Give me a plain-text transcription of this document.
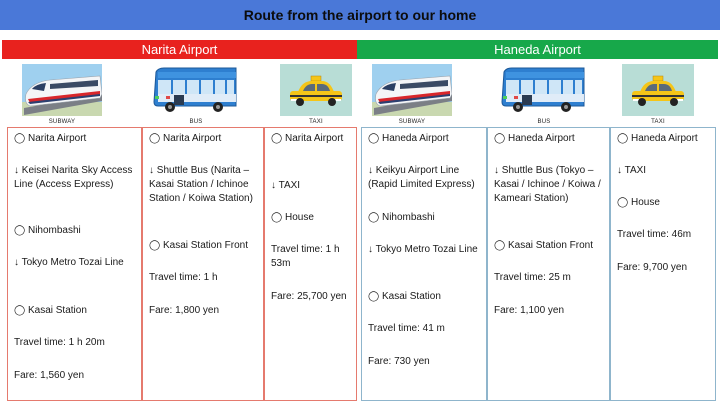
Route from the airport to our home
Narita Airport	Haneda Airport
SUBWAY	BUS	TAXI	SUBWAY	BUS	TAXI
◯ Narita Airport
↓ Keisei Narita Sky Access Line (Access Express)
◯ Nihombashi
↓ Tokyo Metro Tozai Line
◯ Kasai Station
Travel time: 1 h 20m
Fare: 1,560 yen
◯ Narita Airport
↓ Shuttle Bus (Narita – Kasai Station / Ichinoe Station / Koiwa Station)
◯ Kasai Station Front
Travel time: 1 h
Fare: 1,800 yen
◯ Narita Airport
↓ TAXI
◯ House
Travel time: 1 h 53m
Fare: 25,700 yen
◯ Haneda Airport
↓ Keikyu Airport Line (Rapid Limited Express)
◯ Nihombashi
↓ Tokyo Metro Tozai Line
◯ Kasai Station
Travel time: 41 m
Fare: 730 yen
◯ Haneda Airport
↓ Shuttle Bus (Tokyo – Kasai / Ichinoe / Koiwa / Kameari Station)
◯ Kasai Station Front
Travel time: 25 m
Fare: 1,100 yen
◯ Haneda Airport
↓ TAXI
◯ House
Travel time: 46m
Fare: 9,700 yen
